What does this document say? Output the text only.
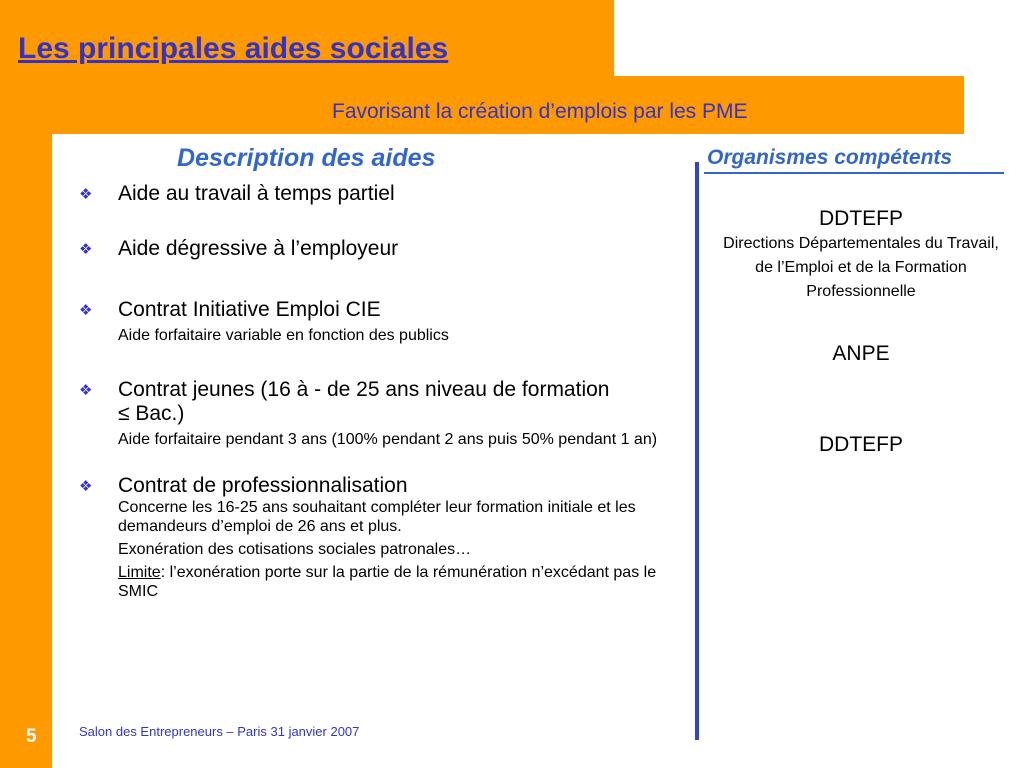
Les principales aides sociales
Favorisant la création d’emplois par les PME
Description des aides	Organismes compétents
❖ Aide au travail à temps partiel
❖ Aide dégressive à l’employeur
❖ Contrat Initiative Emploi CIE
Aide forfaitaire variable en fonction des publics
❖ Contrat jeunes (16 à - de 25 ans niveau de formation ≤ Bac.)
Aide forfaitaire pendant 3 ans (100% pendant 2 ans puis 50% pendant 1 an)
❖ Contrat de professionnalisation
Concerne les 16-25 ans souhaitant compléter leur formation initiale et les demandeurs d’emploi de 26 ans et plus.
Exonération des cotisations sociales patronales…
Limite: l’exonération porte sur la partie de la rémunération n’excédant pas le SMIC
DDTEFP
Directions Départementales du Travail, de l’Emploi et de la Formation Professionnelle
ANPE
DDTEFP
5	Salon des Entrepreneurs – Paris 31 janvier 2007
